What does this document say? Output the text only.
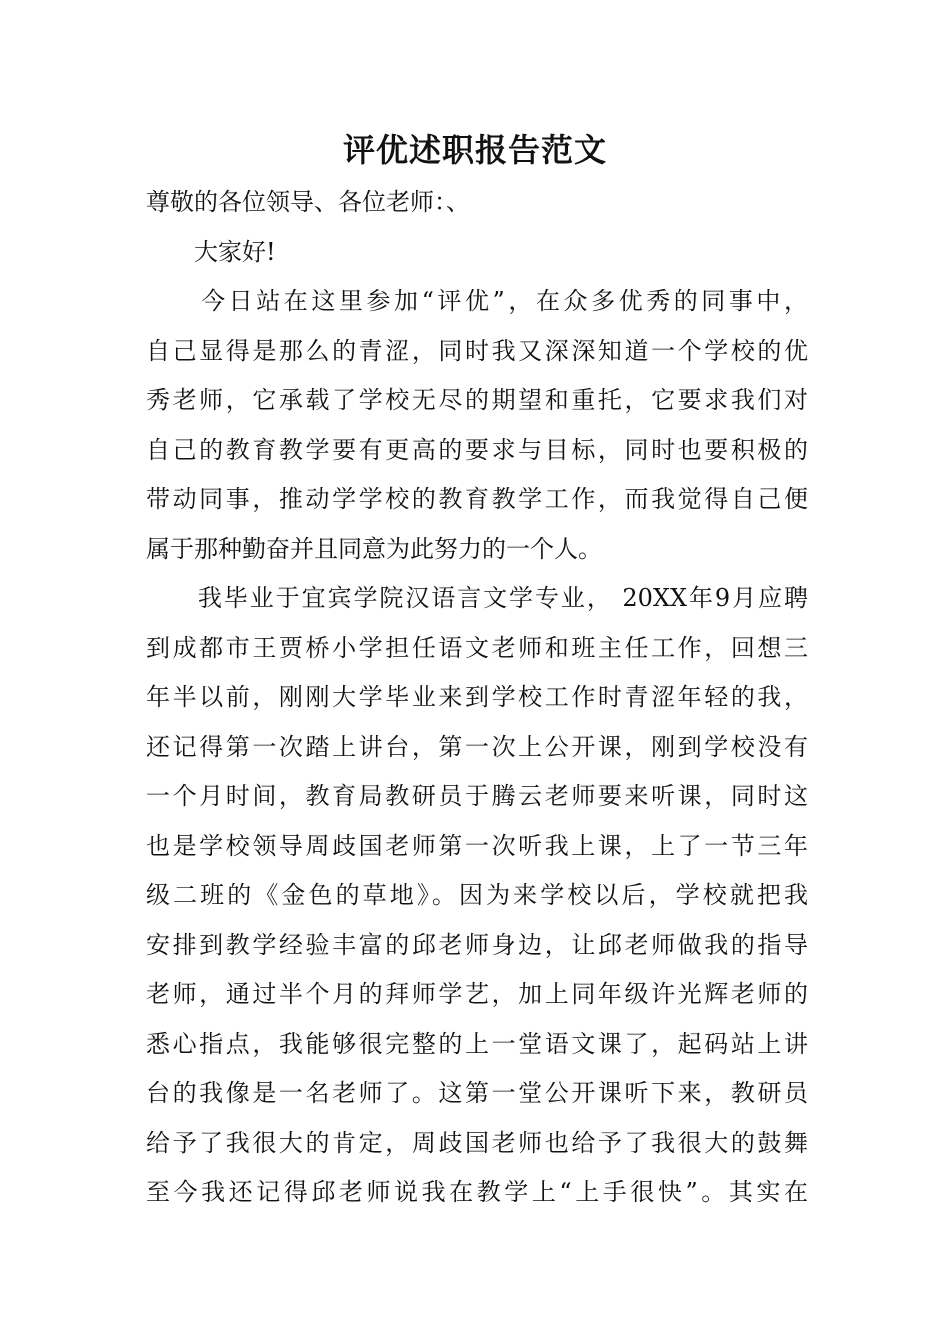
评优述职报告范文
尊敬的各位领导、各位老师：、
　　大家好!
　　今日站在这里参加“评优”，在众多优秀的同事中，
自己显得是那么的青涩，同时我又深深知道一个学校的优
秀老师，它承载了学校无尽的期望和重托，它要求我们对
自己的教育教学要有更高的要求与目标，同时也要积极的
带动同事，推动学学校的教育教学工作，而我觉得自己便
属于那种勤奋并且同意为此努力的一个人。
　　我毕业于宜宾学院汉语言文学专业， 20XX年9月应聘
到成都市王贾桥小学担任语文老师和班主任工作，回想三
年半以前，刚刚大学毕业来到学校工作时青涩年轻的我，
还记得第一次踏上讲台，第一次上公开课，刚到学校没有
一个月时间，教育局教研员于腾云老师要来听课，同时这
也是学校领导周歧国老师第一次听我上课，上了一节三年
级二班的《金色的草地》。因为来学校以后，学校就把我
安排到教学经验丰富的邱老师身边，让邱老师做我的指导
老师，通过半个月的拜师学艺，加上同年级许光辉老师的
悉心指点，我能够很完整的上一堂语文课了，起码站上讲
台的我像是一名老师了。这第一堂公开课听下来，教研员
给予了我很大的肯定，周歧国老师也给予了我很大的鼓舞
至今我还记得邱老师说我在教学上“上手很快”。其实在
